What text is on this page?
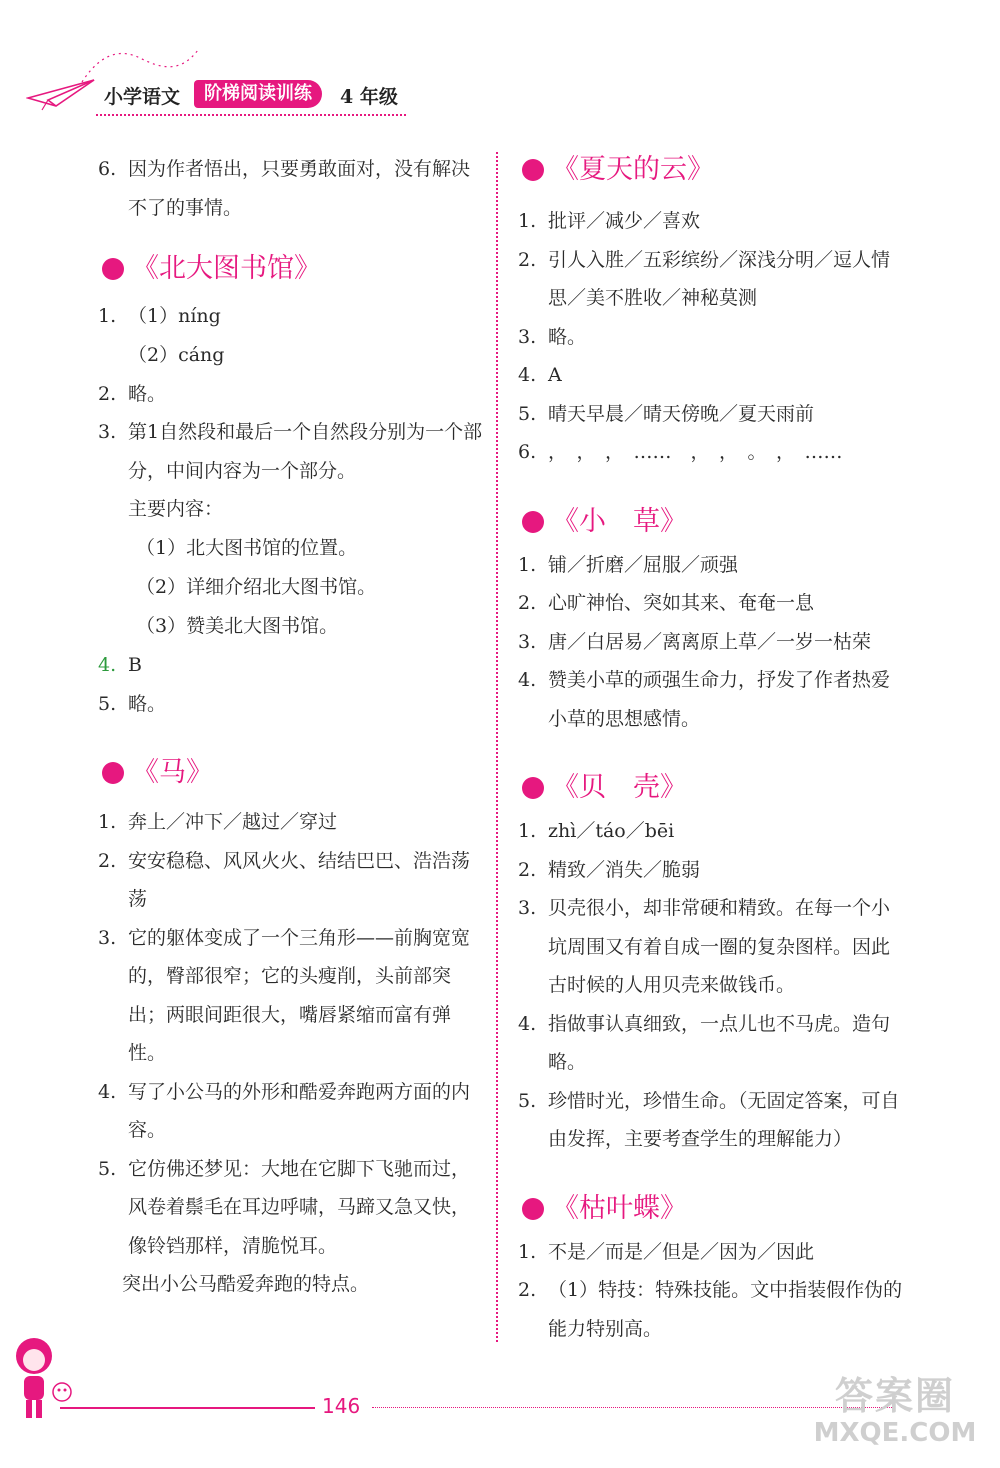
小学语文	阶梯阅读训练	4 年级
6. 因为作者悟出，只要勇敢面对，没有解决不了的事情。
《北大图书馆》
1. （1）níng
（2）cáng
2. 略。
3. 第1自然段和最后一个自然段分别为一个部分，中间内容为一个部分。
主要内容：
（1）北大图书馆的位置。
（2）详细介绍北大图书馆。
（3）赞美北大图书馆。
4. B
5. 略。
《马》
1. 奔上／冲下／越过／穿过
2. 安安稳稳、风风火火、结结巴巴、浩浩荡荡
3. 它的躯体变成了一个三角形——前胸宽宽的，臀部很窄；它的头瘦削，头前部突出；两眼间距很大，嘴唇紧缩而富有弹性。
4. 写了小公马的外形和酷爱奔跑两方面的内容。
5. 它仿佛还梦见：大地在它脚下飞驰而过，风卷着鬃毛在耳边呼啸，马蹄又急又快，像铃铛那样，清脆悦耳。
突出小公马酷爱奔跑的特点。
《夏天的云》
1. 批评／减少／喜欢
2. 引人入胜／五彩缤纷／深浅分明／逗人情思／美不胜收／神秘莫测
3. 略。
4. A
5. 晴天早晨／晴天傍晚／夏天雨前
6. ，　，　，　……　，　，　。　，　……
《小　草》
1. 铺／折磨／屈服／顽强
2. 心旷神怡、突如其来、奄奄一息
3. 唐／白居易／离离原上草／一岁一枯荣
4. 赞美小草的顽强生命力，抒发了作者热爱小草的思想感情。
《贝　壳》
1. zhì／táo／bēi
2. 精致／消失／脆弱
3. 贝壳很小，却非常硬和精致。在每一个小坑周围又有着自成一圈的复杂图样。因此古时候的人用贝壳来做钱币。
4. 指做事认真细致，一点儿也不马虎。造句略。
5. 珍惜时光，珍惜生命。（无固定答案，可自由发挥，主要考查学生的理解能力）
《枯叶蝶》
1. 不是／而是／但是／因为／因此
2. （1）特技：特殊技能。文中指装假作伪的能力特别高。
146	答案圈
MXQE.COM
